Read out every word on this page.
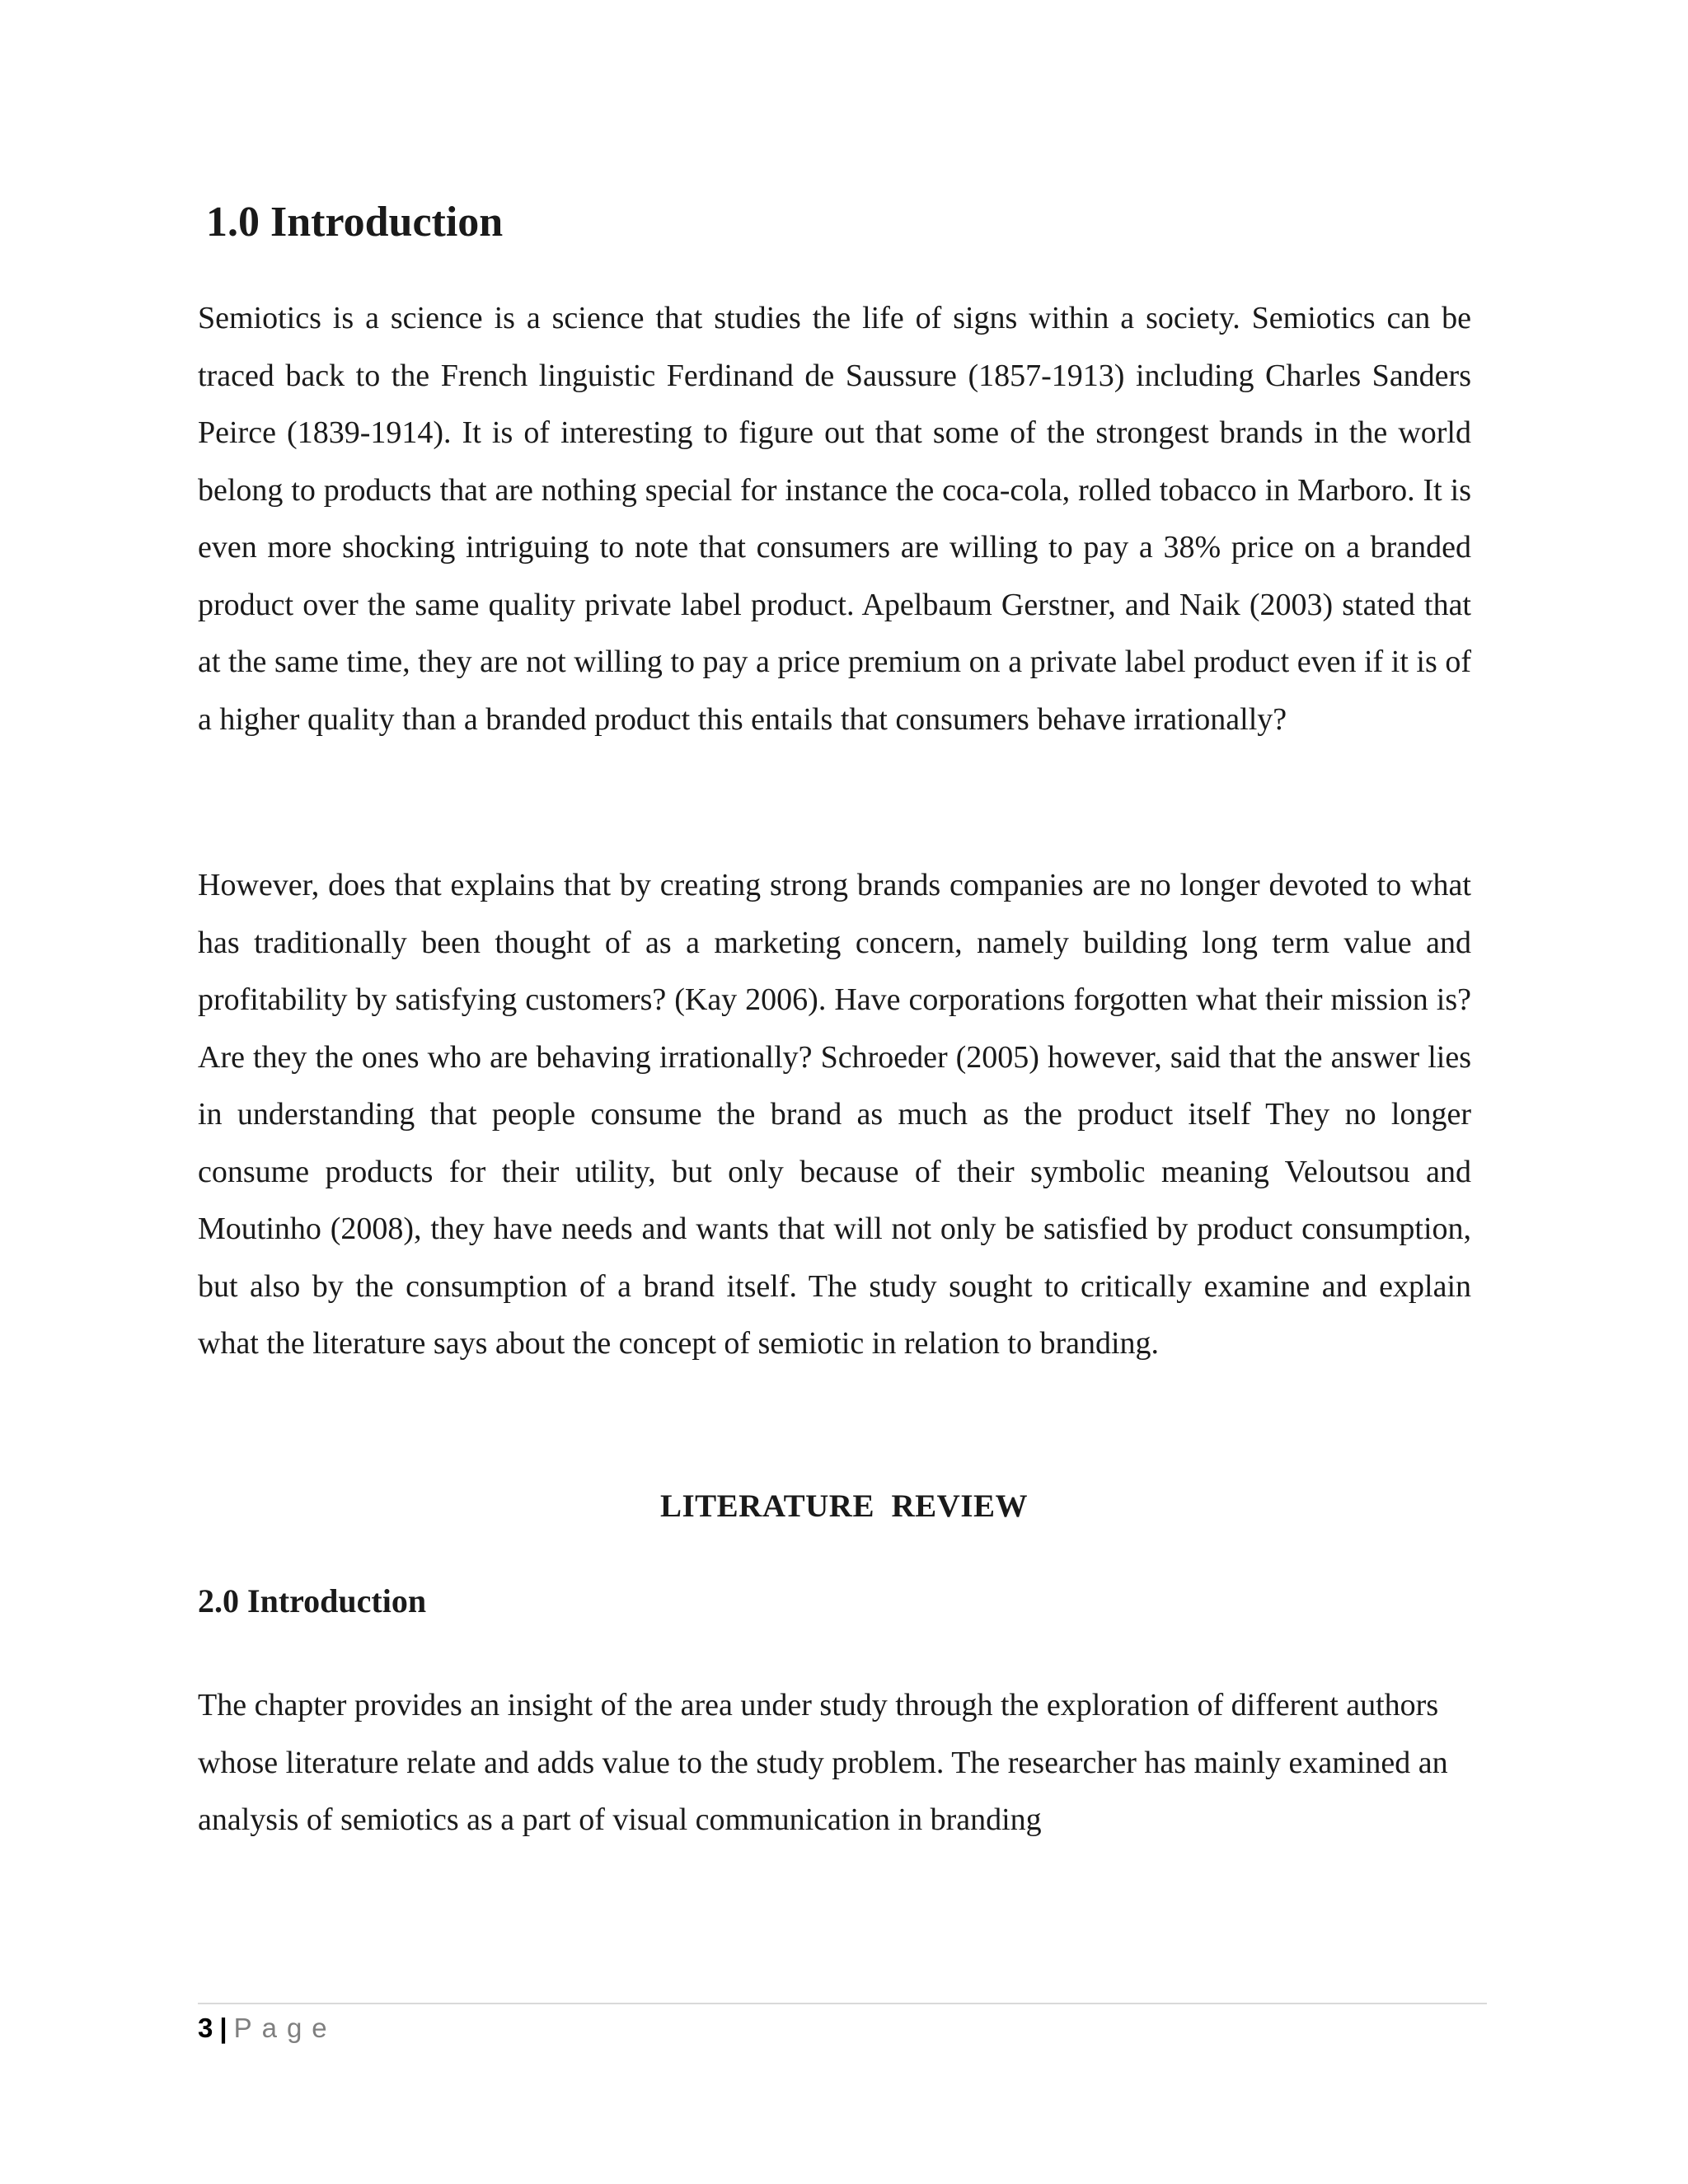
1.0 Introduction

Semiotics is a science is a science that studies the life of signs within a society. Semiotics can be traced back to the French linguistic Ferdinand de Saussure (1857-1913) including Charles Sanders Peirce (1839-1914). It is of interesting to figure out that some of the strongest brands in the world belong to products that are nothing special for instance the coca-cola, rolled tobacco in Marboro. It is even more shocking intriguing to note that consumers are willing to pay a 38% price on a branded product over the same quality private label product. Apelbaum Gerstner, and Naik (2003) stated that at the same time, they are not willing to pay a price premium on a private label product even if it is of a higher quality than a branded product this entails that consumers behave irrationally?

However, does that explains that by creating strong brands companies are no longer devoted to what has traditionally been thought of as a marketing concern, namely building long term value and profitability by satisfying customers? (Kay 2006). Have corporations forgotten what their mission is? Are they the ones who are behaving irrationally? Schroeder (2005) however, said that the answer lies in understanding that people consume the brand as much as the product itself They no longer consume products for their utility, but only because of their symbolic meaning Veloutsou and Moutinho (2008), they have needs and wants that will not only be satisfied by product consumption, but also by the consumption of a brand itself. The study sought to critically examine and explain what the literature says about the concept of semiotic in relation to branding.

LITERATURE  REVIEW
2.0 Introduction

The chapter provides an insight of the area under study through the exploration of different authors whose literature relate and adds value to the study problem. The researcher has mainly examined an analysis of semiotics as a part of visual communication in branding

3 | Page
